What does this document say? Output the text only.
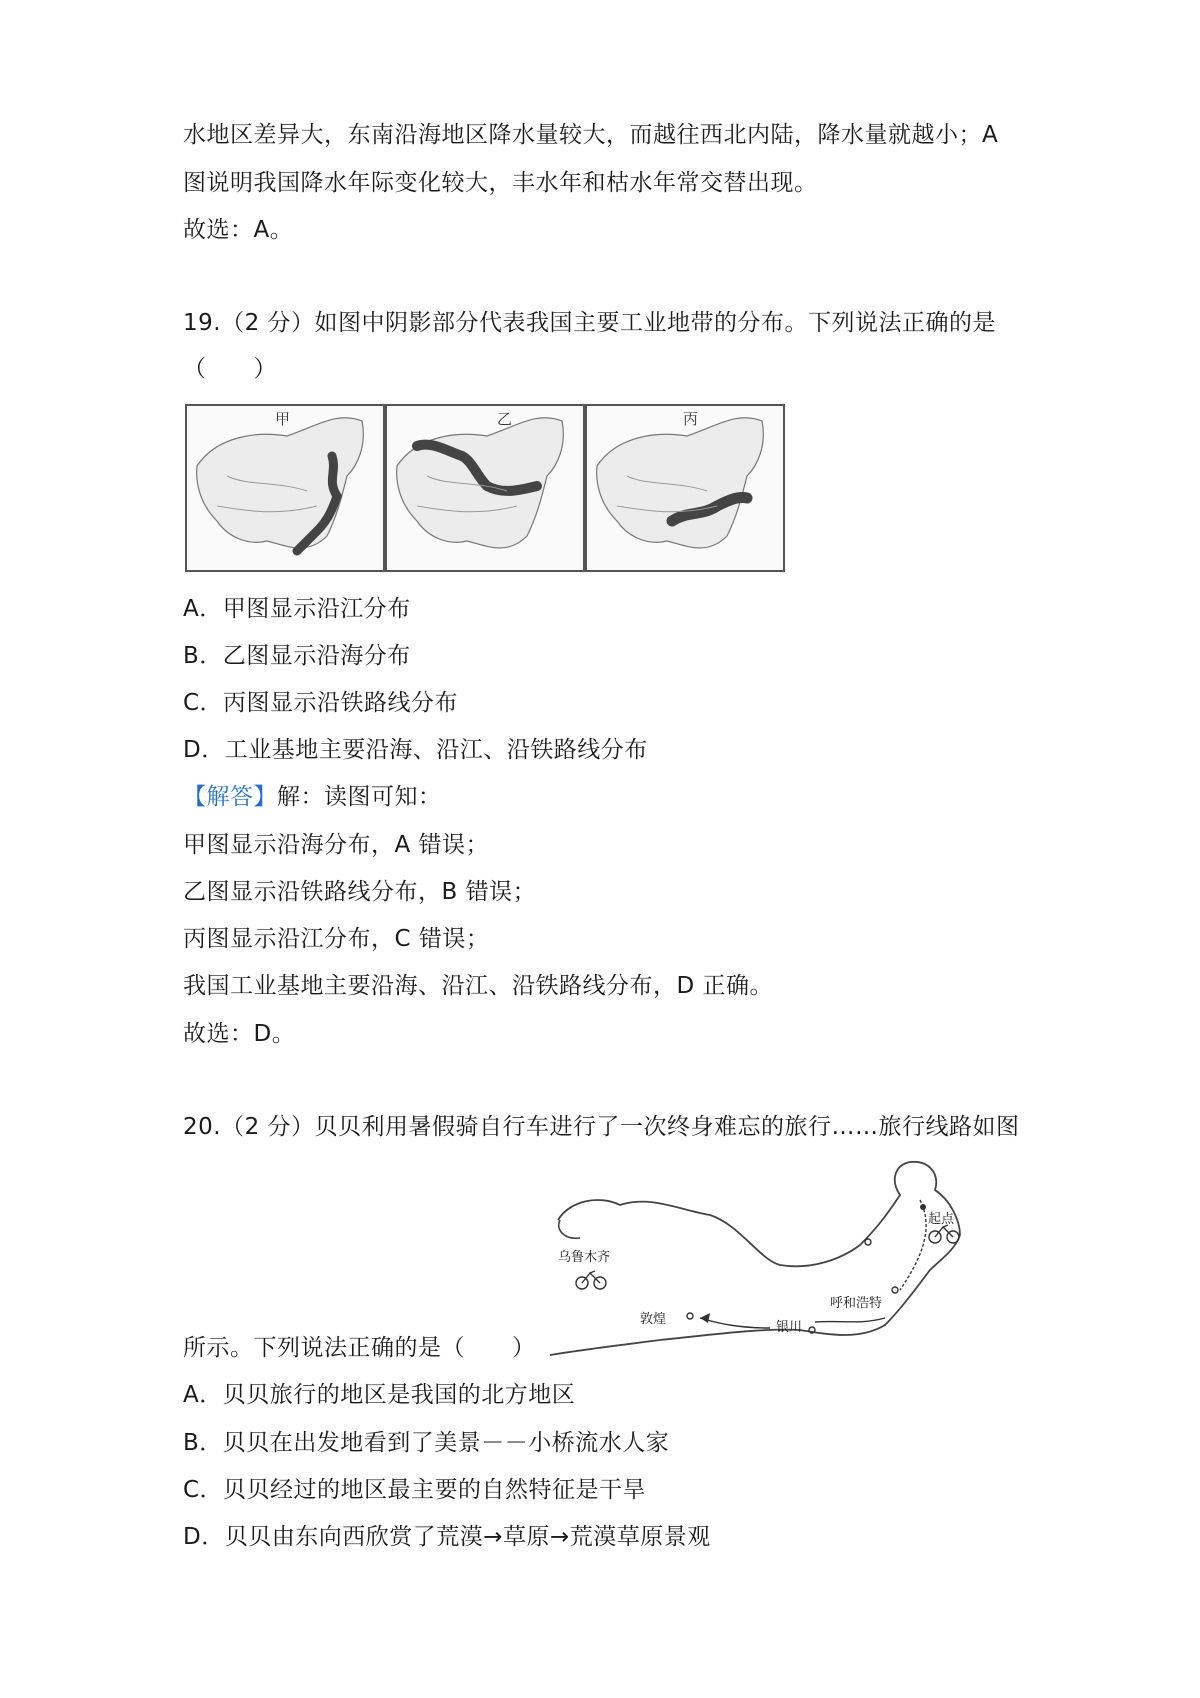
水地区差异大，东南沿海地区降水量较大，而越往西北内陆，降水量就越小；A
图说明我国降水年际变化较大，丰水年和枯水年常交替出现。
故选：A。
19.（2 分）如图中阴影部分代表我国主要工业地带的分布。下列说法正确的是
（　　）
甲	乙	丙
A．甲图显示沿江分布
B．乙图显示沿海分布
C．丙图显示沿铁路线分布
D．工业基地主要沿海、沿江、沿铁路线分布
【解答】解：读图可知：
甲图显示沿海分布，A 错误；
乙图显示沿铁路线分布，B 错误；
丙图显示沿江分布，C 错误；
我国工业基地主要沿海、沿江、沿铁路线分布，D 正确。
故选：D。
20.（2 分）贝贝利用暑假骑自行车进行了一次终身难忘的旅行……旅行线路如图
起点
乌鲁木齐
敦煌
银川
呼和浩特
所示。下列说法正确的是（　　）
A．贝贝旅行的地区是我国的北方地区
B．贝贝在出发地看到了美景－－小桥流水人家
C．贝贝经过的地区最主要的自然特征是干旱
D．贝贝由东向西欣赏了荒漠→草原→荒漠草原景观
